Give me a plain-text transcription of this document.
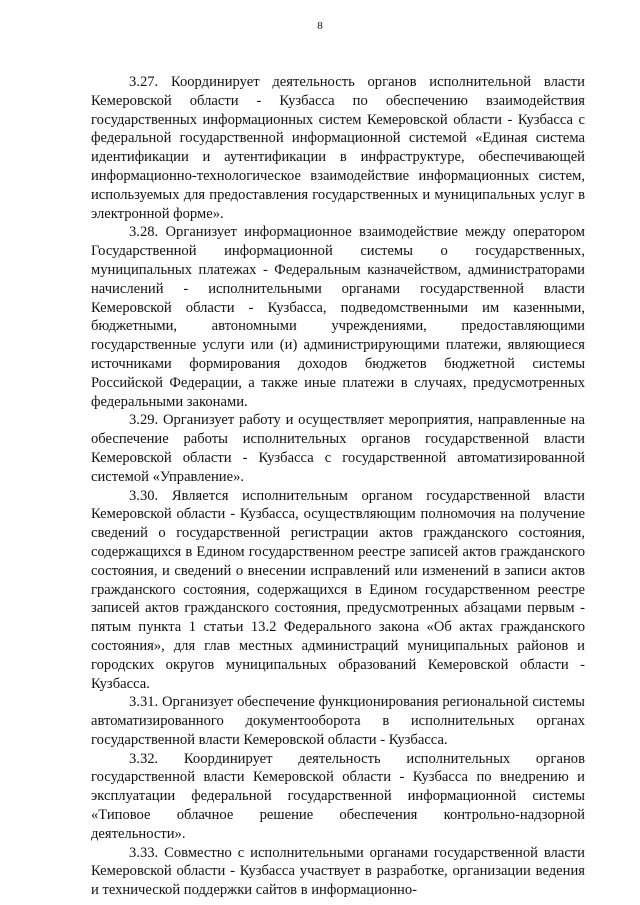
8

3.27. Координирует деятельность органов исполнительной власти Кемеровской области - Кузбасса по обеспечению взаимодействия государственных информационных систем Кемеровской области - Кузбасса с федеральной государственной информационной системой «Единая система идентификации и аутентификации в инфраструктуре, обеспечивающей информационно-технологическое взаимодействие информационных систем, используемых для предоставления государственных и муниципальных услуг в электронной форме».

3.28. Организует информационное взаимодействие между оператором Государственной информационной системы о государственных, муниципальных платежах - Федеральным казначейством, администраторами начислений - исполнительными органами государственной власти Кемеровской области - Кузбасса, подведомственными им казенными, бюджетными, автономными учреждениями, предоставляющими государственные услуги или (и) администрирующими платежи, являющиеся источниками формирования доходов бюджетов бюджетной системы Российской Федерации, а также иные платежи в случаях, предусмотренных федеральными законами.

3.29. Организует работу и осуществляет мероприятия, направленные на обеспечение работы исполнительных органов государственной власти Кемеровской области - Кузбасса с государственной автоматизированной системой «Управление».

3.30. Является исполнительным органом государственной власти Кемеровской области - Кузбасса, осуществляющим полномочия на получение сведений о государственной регистрации актов гражданского состояния, содержащихся в Едином государственном реестре записей актов гражданского состояния, и сведений о внесении исправлений или изменений в записи актов гражданского состояния, содержащихся в Едином государственном реестре записей актов гражданского состояния, предусмотренных абзацами первым - пятым пункта 1 статьи 13.2 Федерального закона «Об актах гражданского состояния», для глав местных администраций муниципальных районов и городских округов муниципальных образований Кемеровской области - Кузбасса.

3.31. Организует обеспечение функционирования региональной системы автоматизированного документооборота в исполнительных органах государственной власти Кемеровской области - Кузбасса.

3.32. Координирует деятельность исполнительных органов государственной власти Кемеровской области - Кузбасса по внедрению и эксплуатации федеральной государственной информационной системы «Типовое облачное решение обеспечения контрольно-надзорной деятельности».

3.33. Совместно с исполнительными органами государственной власти Кемеровской области - Кузбасса участвует в разработке, организации ведения и технической поддержки сайтов в информационно-
